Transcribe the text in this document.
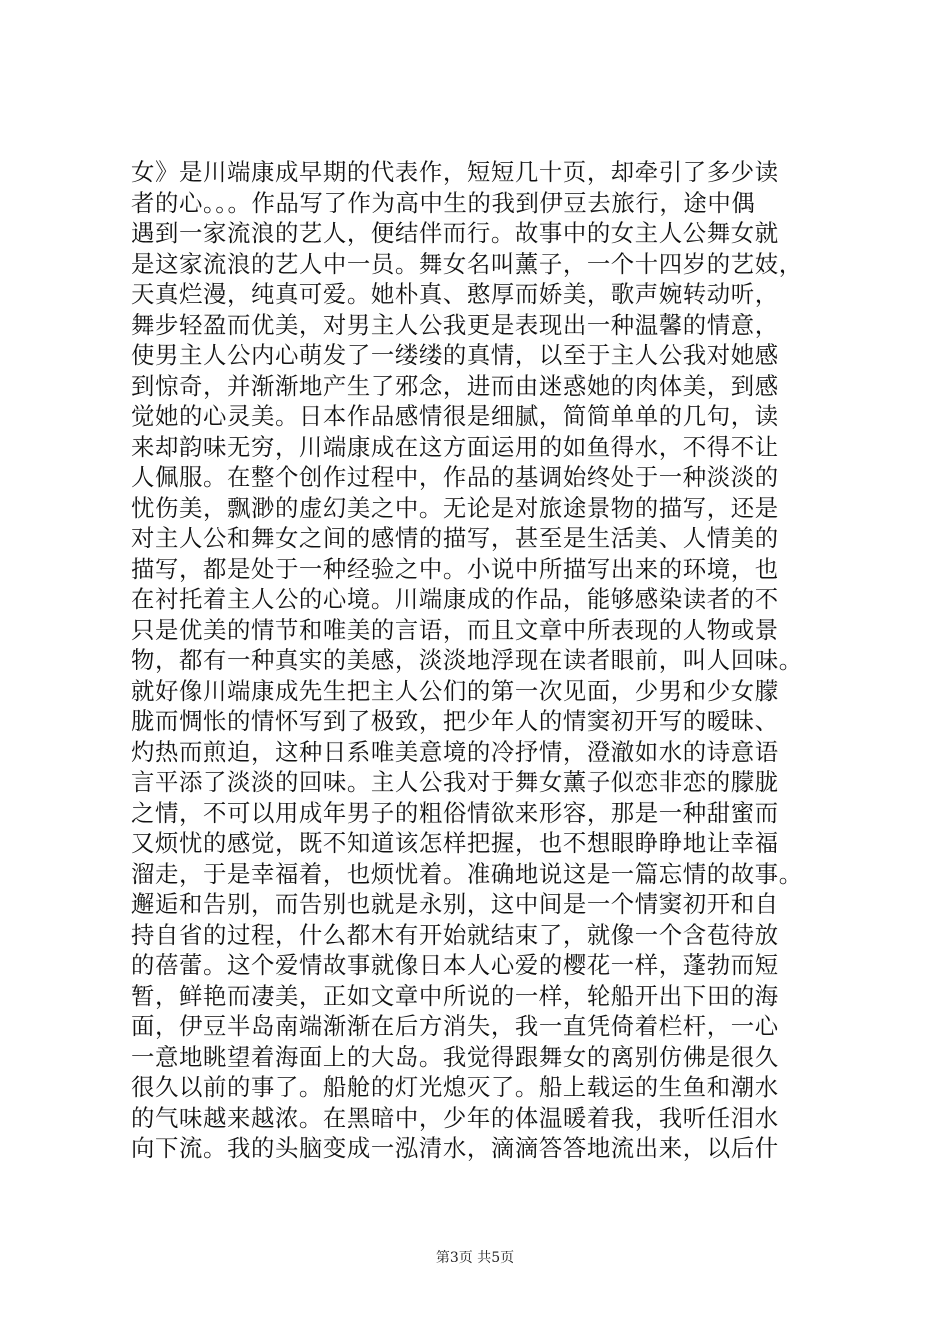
女》是川端康成早期的代表作，短短几十页，却牵引了多少读
者的心。。。作品写了作为高中生的我到伊豆去旅行，途中偶
遇到一家流浪的艺人，便结伴而行。故事中的女主人公舞女就
是这家流浪的艺人中一员。舞女名叫薰子，一个十四岁的艺妓，
天真烂漫，纯真可爱。她朴真、憨厚而娇美，歌声婉转动听，
舞步轻盈而优美，对男主人公我更是表现出一种温馨的情意，
使男主人公内心萌发了一缕缕的真情，以至于主人公我对她感
到惊奇，并渐渐地产生了邪念，进而由迷惑她的肉体美，到感
觉她的心灵美。日本作品感情很是细腻，简简单单的几句，读
来却韵味无穷，川端康成在这方面运用的如鱼得水，不得不让
人佩服。在整个创作过程中，作品的基调始终处于一种淡淡的
忧伤美，飘渺的虚幻美之中。无论是对旅途景物的描写，还是
对主人公和舞女之间的感情的描写，甚至是生活美、人情美的
描写，都是处于一种经验之中。小说中所描写出来的环境，也
在衬托着主人公的心境。川端康成的作品，能够感染读者的不
只是优美的情节和唯美的言语，而且文章中所表现的人物或景
物，都有一种真实的美感，淡淡地浮现在读者眼前，叫人回味。
就好像川端康成先生把主人公们的第一次见面，少男和少女朦
胧而惆怅的情怀写到了极致，把少年人的情窦初开写的暧昧、
灼热而煎迫，这种日系唯美意境的冷抒情，澄澈如水的诗意语
言平添了淡淡的回味。主人公我对于舞女薰子似恋非恋的朦胧
之情，不可以用成年男子的粗俗情欲来形容，那是一种甜蜜而
又烦忧的感觉，既不知道该怎样把握，也不想眼睁睁地让幸福
溜走，于是幸福着，也烦忧着。准确地说这是一篇忘情的故事。
邂逅和告别，而告别也就是永别，这中间是一个情窦初开和自
持自省的过程，什么都木有开始就结束了，就像一个含苞待放
的蓓蕾。这个爱情故事就像日本人心爱的樱花一样，蓬勃而短
暂，鲜艳而凄美，正如文章中所说的一样，轮船开出下田的海
面，伊豆半岛南端渐渐在后方消失，我一直凭倚着栏杆，一心
一意地眺望着海面上的大岛。我觉得跟舞女的离别仿佛是很久
很久以前的事了。船舱的灯光熄灭了。船上载运的生鱼和潮水
的气味越来越浓。在黑暗中，少年的体温暖着我，我听任泪水
向下流。我的头脑变成一泓清水，滴滴答答地流出来，以后什
第3页 共5页
